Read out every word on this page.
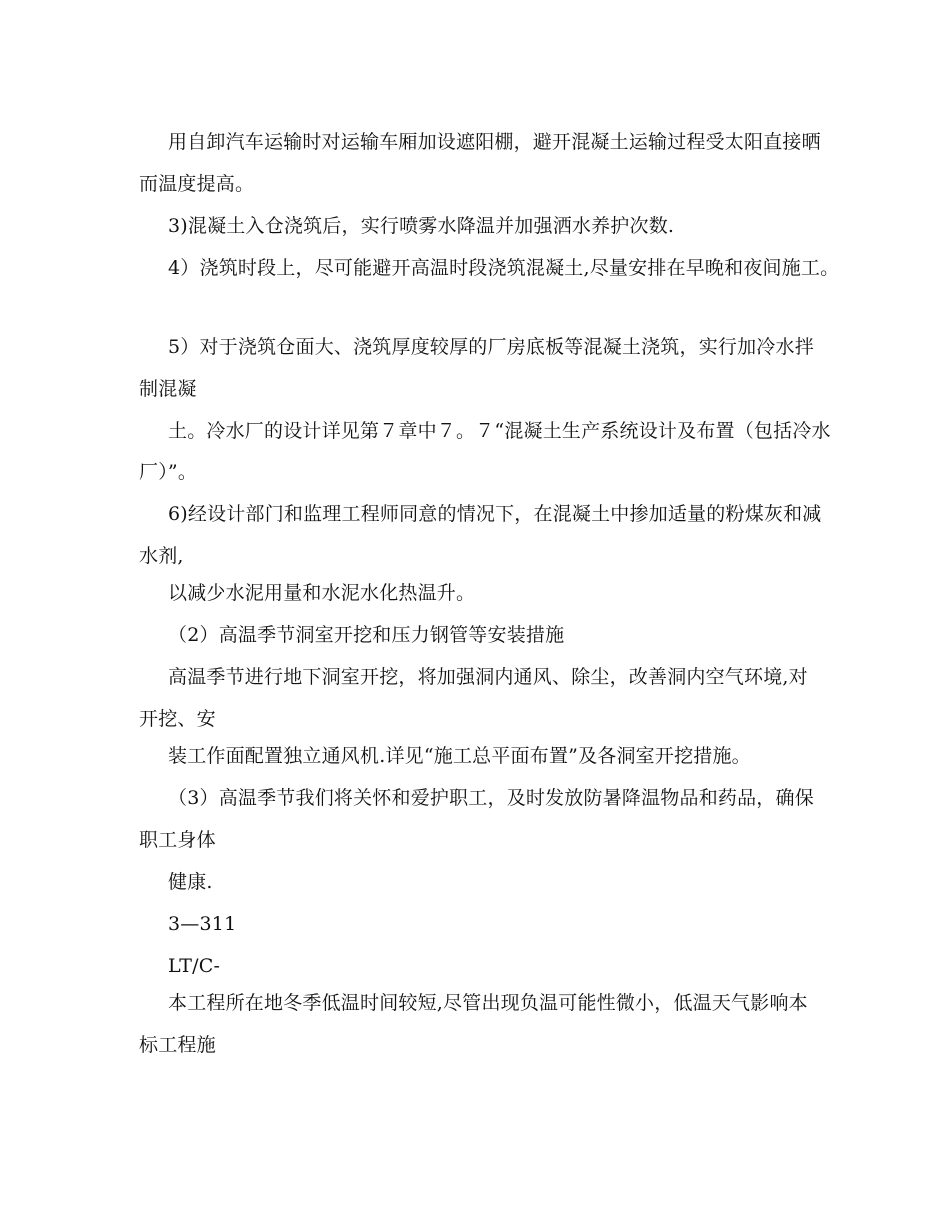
用自卸汽车运输时对运输车厢加设遮阳棚，避开混凝土运输过程受太阳直接晒
而温度提高。
3)混凝土入仓浇筑后，实行喷雾水降温并加强洒水养护次数.
4）浇筑时段上，尽可能避开高温时段浇筑混凝土,尽量安排在早晚和夜间施工。
5）对于浇筑仓面大、浇筑厚度较厚的厂房底板等混凝土浇筑，实行加冷水拌
制混凝
土。冷水厂的设计详见第７章中７。７“混凝土生产系统设计及布置（包括冷水
厂）”。
6)经设计部门和监理工程师同意的情况下，在混凝土中掺加适量的粉煤灰和减
水剂,
以减少水泥用量和水泥水化热温升。
（2）高温季节洞室开挖和压力钢管等安装措施
高温季节进行地下洞室开挖，将加强洞内通风、除尘，改善洞内空气环境,对
开挖、安
装工作面配置独立通风机.详见“施工总平面布置”及各洞室开挖措施。
（3）高温季节我们将关怀和爱护职工，及时发放防暑降温物品和药品，确保
职工身体
健康.
3—311
LT/C-
本工程所在地冬季低温时间较短,尽管出现负温可能性微小，低温天气影响本
标工程施
